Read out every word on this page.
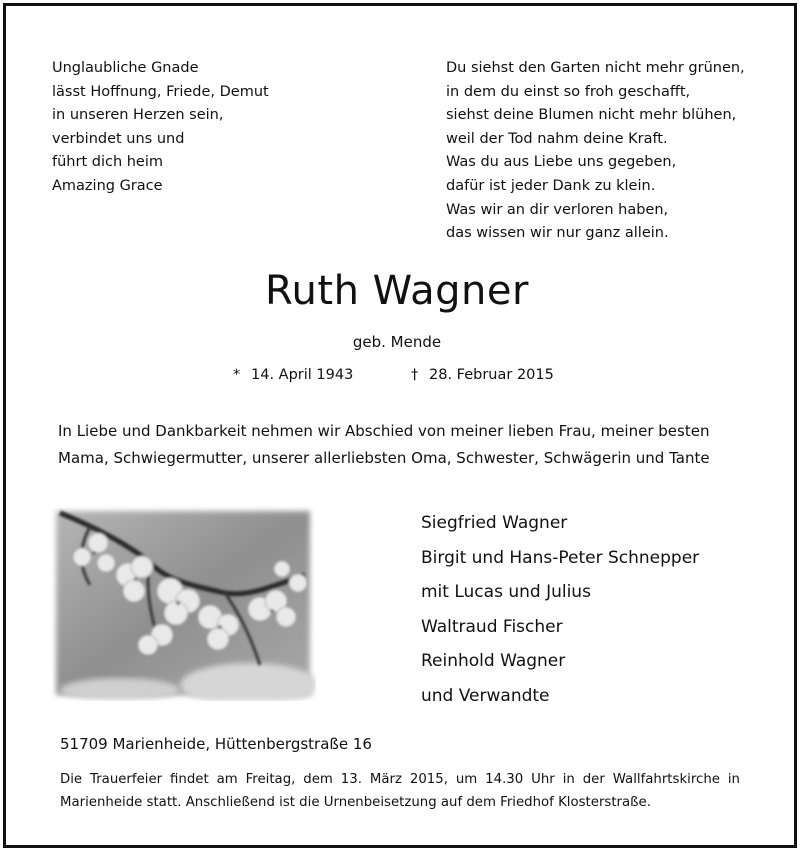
Unglaubliche Gnade
lässt Hoffnung, Friede, Demut
in unseren Herzen sein,
verbindet uns und
führt dich heim
Amazing Grace
Du siehst den Garten nicht mehr grünen,
in dem du einst so froh geschafft,
siehst deine Blumen nicht mehr blühen,
weil der Tod nahm deine Kraft.
Was du aus Liebe uns gegeben,
dafür ist jeder Dank zu klein.
Was wir an dir verloren haben,
das wissen wir nur ganz allein.
Ruth Wagner
geb. Mende
* 14. April 1943	† 28. Februar 2015
In Liebe und Dankbarkeit nehmen wir Abschied von meiner lieben Frau, meiner besten
Mama, Schwiegermutter, unserer allerliebsten Oma, Schwester, Schwägerin und Tante
Siegfried Wagner
Birgit und Hans-Peter Schnepper
mit Lucas und Julius
Waltraud Fischer
Reinhold Wagner
und Verwandte
51709 Marienheide, Hüttenbergstraße 16
Die Trauerfeier findet am Freitag, dem 13. März 2015, um 14.30 Uhr in der Wallfahrtskirche in
Marienheide statt. Anschließend ist die Urnenbeisetzung auf dem Friedhof Klosterstraße.
